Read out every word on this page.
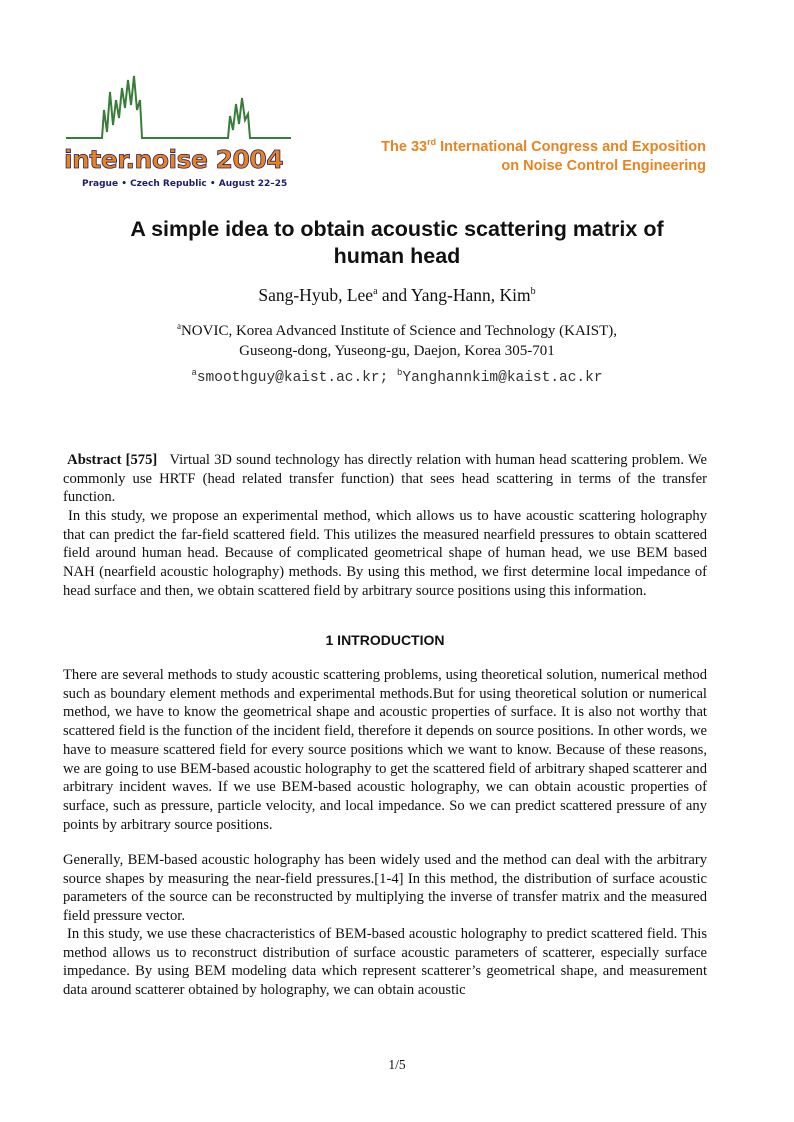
inter.noise 2004
Prague • Czech Republic • August 22–25
The 33rd International Congress and Exposition
on Noise Control Engineering
A simple idea to obtain acoustic scattering matrix of
human head
Sang-Hyub, Lee$^a$ and Yang-Hann, Kim$^b$
$^a$NOVIC, Korea Advanced Institute of Science and Technology (KAIST),
Guseong-dong, Yuseong-gu, Daejon, Korea 305-701
$^a$smoothguy@kaist.ac.kr; $^b$Yanghannkim@kaist.ac.kr
Abstract [575] Virtual 3D sound technology has directly relation with human head scattering problem. We commonly use HRTF (head related transfer function) that sees head scattering in terms of the transfer function.
In this study, we propose an experimental method, which allows us to have acoustic scattering holography that can predict the far-field scattered field. This utilizes the measured nearfield pressures to obtain scattered field around human head. Because of complicated geometrical shape of human head, we use BEM based NAH (nearfield acoustic holography) methods. By using this method, we first determine local impedance of head surface and then, we obtain scattered field by arbitrary source positions using this information.
1 INTRODUCTION
There are several methods to study acoustic scattering problems, using theoretical solution, numerical method such as boundary element methods and experimental methods.But for using theoretical solution or numerical method, we have to know the geometrical shape and acoustic properties of surface. It is also not worthy that scattered field is the function of the incident field, therefore it depends on source positions. In other words, we have to measure scattered field for every source positions which we want to know. Because of these reasons, we are going to use BEM-based acoustic holography to get the scattered field of arbitrary shaped scatterer and arbitrary incident waves. If we use BEM-based acoustic holography, we can obtain acoustic properties of surface, such as pressure, particle velocity, and local impedance. So we can predict scattered pressure of any points by arbitrary source positions.
Generally, BEM-based acoustic holography has been widely used and the method can deal with the arbitrary source shapes by measuring the near-field pressures.[1-4] In this method, the distribution of surface acoustic parameters of the source can be reconstructed by multiplying the inverse of transfer matrix and the measured field pressure vector.
In this study, we use these chacracteristics of BEM-based acoustic holography to predict scattered field. This method allows us to reconstruct distribution of surface acoustic parameters of scatterer, especially surface impedance. By using BEM modeling data which represent scatterer’s geometrical shape, and measurement data around scatterer obtained by holography, we can obtain acoustic
1/5
